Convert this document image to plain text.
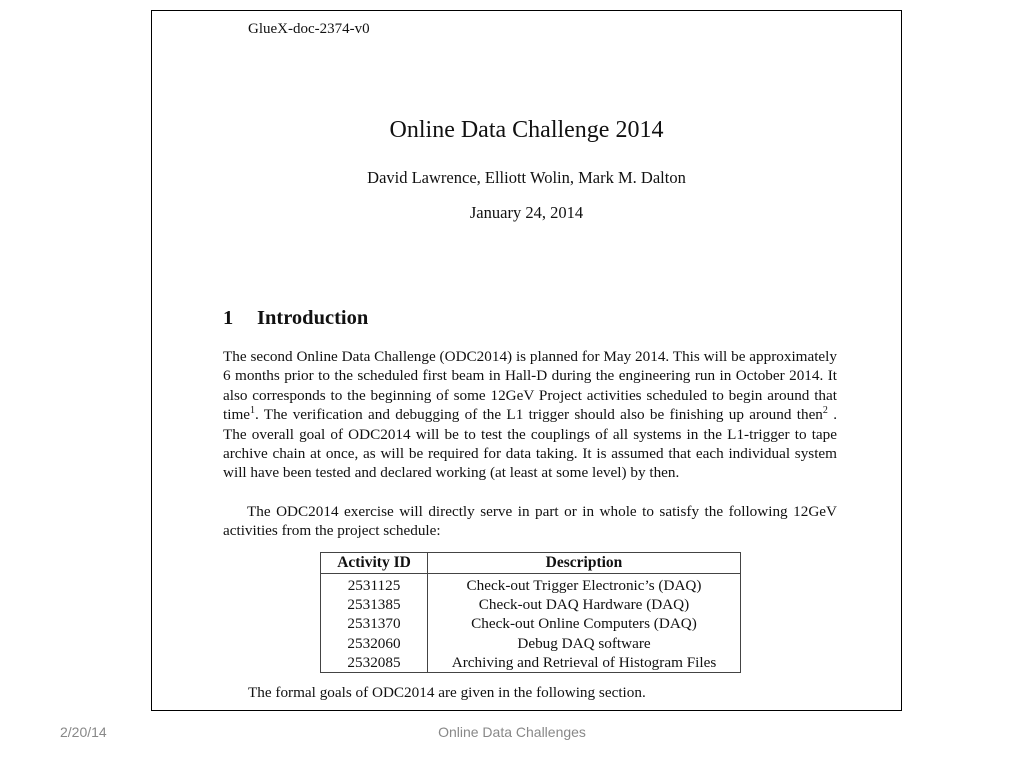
GlueX-doc-2374-v0
Online Data Challenge 2014
David Lawrence, Elliott Wolin, Mark M. Dalton
January 24, 2014
1 Introduction
The second Online Data Challenge (ODC2014) is planned for May 2014. This will be approximately 6 months prior to the scheduled first beam in Hall-D during the engineering run in October 2014. It also corresponds to the beginning of some 12GeV Project activities scheduled to begin around that time$^1$. The verification and debugging of the L1 trigger should also be finishing up around then$^2$ . The overall goal of ODC2014 will be to test the couplings of all systems in the L1-trigger to tape archive chain at once, as will be required for data taking. It is assumed that each individual system will have been tested and declared working (at least at some level) by then.
The ODC2014 exercise will directly serve in part or in whole to satisfy the following 12GeV activities from the project schedule:
Activity ID	Description
2531125	Check-out Trigger Electronic’s (DAQ)
2531385	Check-out DAQ Hardware (DAQ)
2531370	Check-out Online Computers (DAQ)
2532060	Debug DAQ software
2532085	Archiving and Retrieval of Histogram Files
The formal goals of ODC2014 are given in the following section.
2/20/14	Online Data Challenges
